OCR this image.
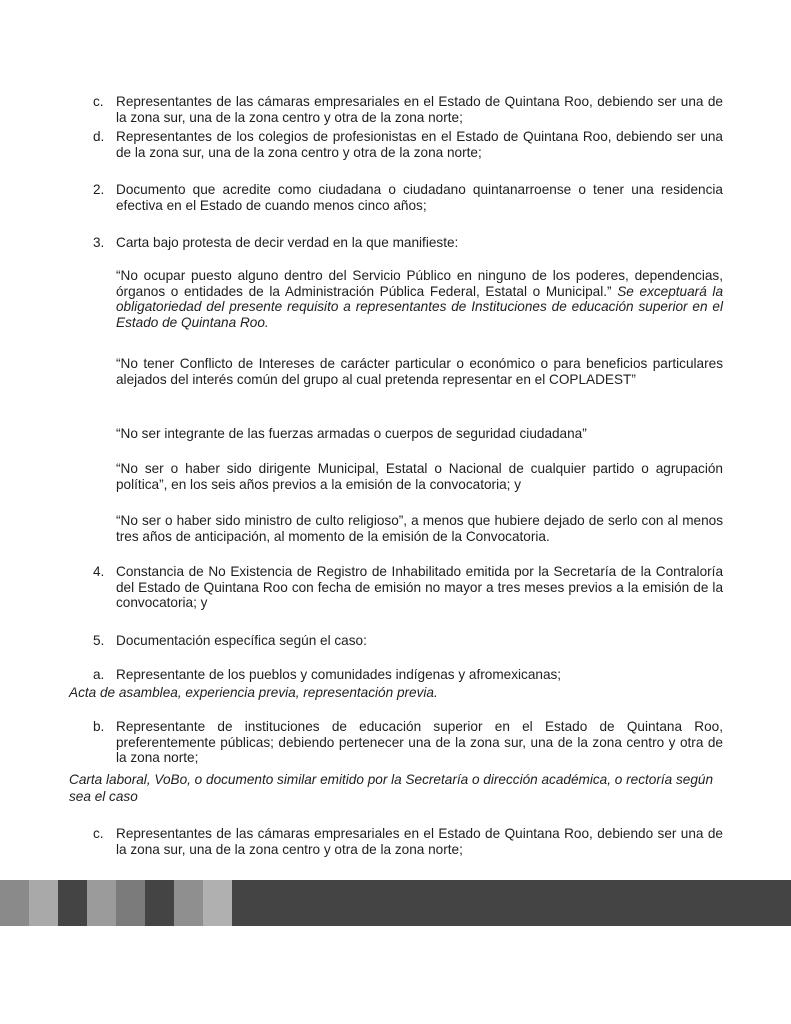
c. Representantes de las cámaras empresariales en el Estado de Quintana Roo, debiendo ser una de la zona sur, una de la zona centro y otra de la zona norte;
d. Representantes de los colegios de profesionistas en el Estado de Quintana Roo, debiendo ser una de la zona sur, una de la zona centro y otra de la zona norte;
2. Documento que acredite como ciudadana o ciudadano quintanarroense o tener una residencia efectiva en el Estado de cuando menos cinco años;
3. Carta bajo protesta de decir verdad en la que manifieste:
“No ocupar puesto alguno dentro del Servicio Público en ninguno de los poderes, dependencias, órganos o entidades de la Administración Pública Federal, Estatal o Municipal.” Se exceptuará la obligatoriedad del presente requisito a representantes de Instituciones de educación superior en el Estado de Quintana Roo.
“No tener Conflicto de Intereses de carácter particular o económico o para beneficios particulares alejados del interés común del grupo al cual pretenda representar en el COPLADEST”
“No ser integrante de las fuerzas armadas o cuerpos de seguridad ciudadana”
“No ser o haber sido dirigente Municipal, Estatal o Nacional de cualquier partido o agrupación política”, en los seis años previos a la emisión de la convocatoria; y
“No ser o haber sido ministro de culto religioso”, a menos que hubiere dejado de serlo con al menos tres años de anticipación, al momento de la emisión de la Convocatoria.
4. Constancia de No Existencia de Registro de Inhabilitado emitida por la Secretaría de la Contraloría del Estado de Quintana Roo con fecha de emisión no mayor a tres meses previos a la emisión de la convocatoria; y
5. Documentación específica según el caso:
a. Representante de los pueblos y comunidades indígenas y afromexicanas;
Acta de asamblea, experiencia previa, representación previa.
b. Representante de instituciones de educación superior en el Estado de Quintana Roo, preferentemente públicas; debiendo pertenecer una de la zona sur, una de la zona centro y otra de la zona norte;
Carta laboral, VoBo, o documento similar emitido por la Secretaría o dirección académica, o rectoría según sea el caso
c. Representantes de las cámaras empresariales en el Estado de Quintana Roo, debiendo ser una de la zona sur, una de la zona centro y otra de la zona norte;
